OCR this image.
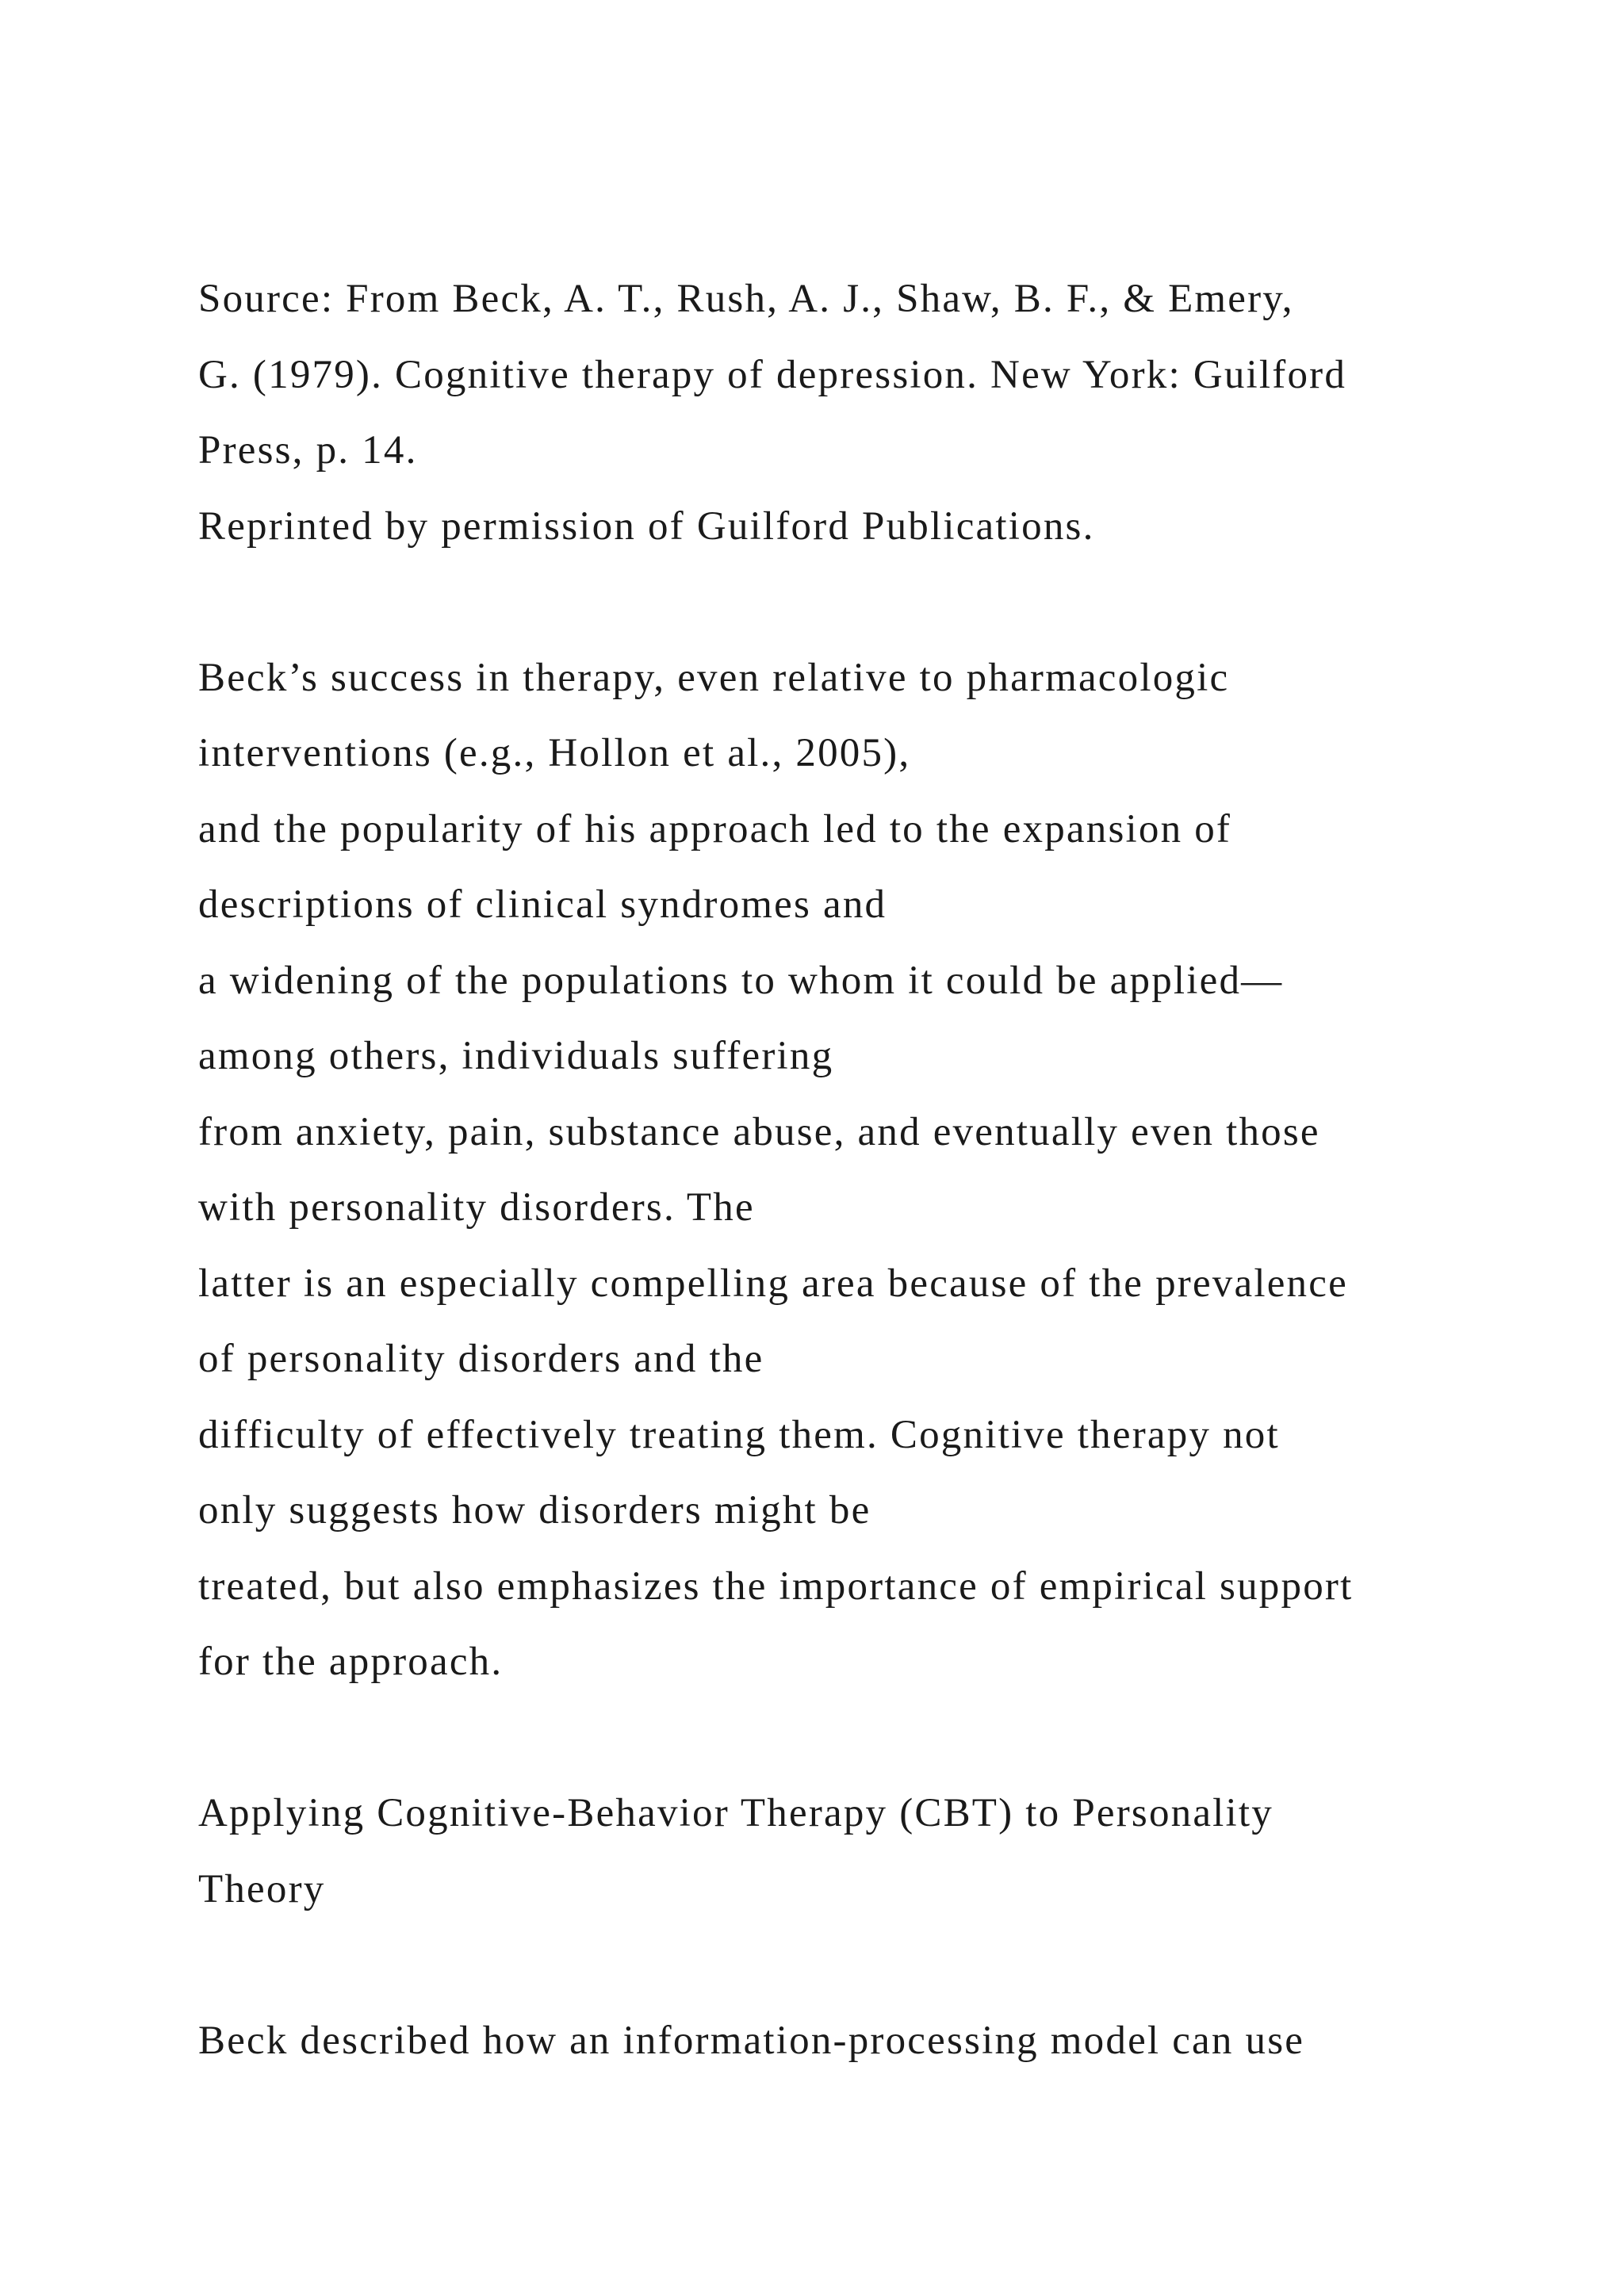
Source: From Beck, A. T., Rush, A. J., Shaw, B. F., & Emery,
G. (1979). Cognitive therapy of depression. New York: Guilford
Press, p. 14.
Reprinted by permission of Guilford Publications.
Beck’s success in therapy, even relative to pharmacologic
interventions (e.g., Hollon et al., 2005),
and the popularity of his approach led to the expansion of
descriptions of clinical syndromes and
a widening of the populations to whom it could be applied—
among others, individuals suffering
from anxiety, pain, substance abuse, and eventually even those
with personality disorders. The
latter is an especially compelling area because of the prevalence
of personality disorders and the
difficulty of effectively treating them. Cognitive therapy not
only suggests how disorders might be
treated, but also emphasizes the importance of empirical support
for the approach.
Applying Cognitive-Behavior Therapy (CBT) to Personality
Theory
Beck described how an information-processing model can use
